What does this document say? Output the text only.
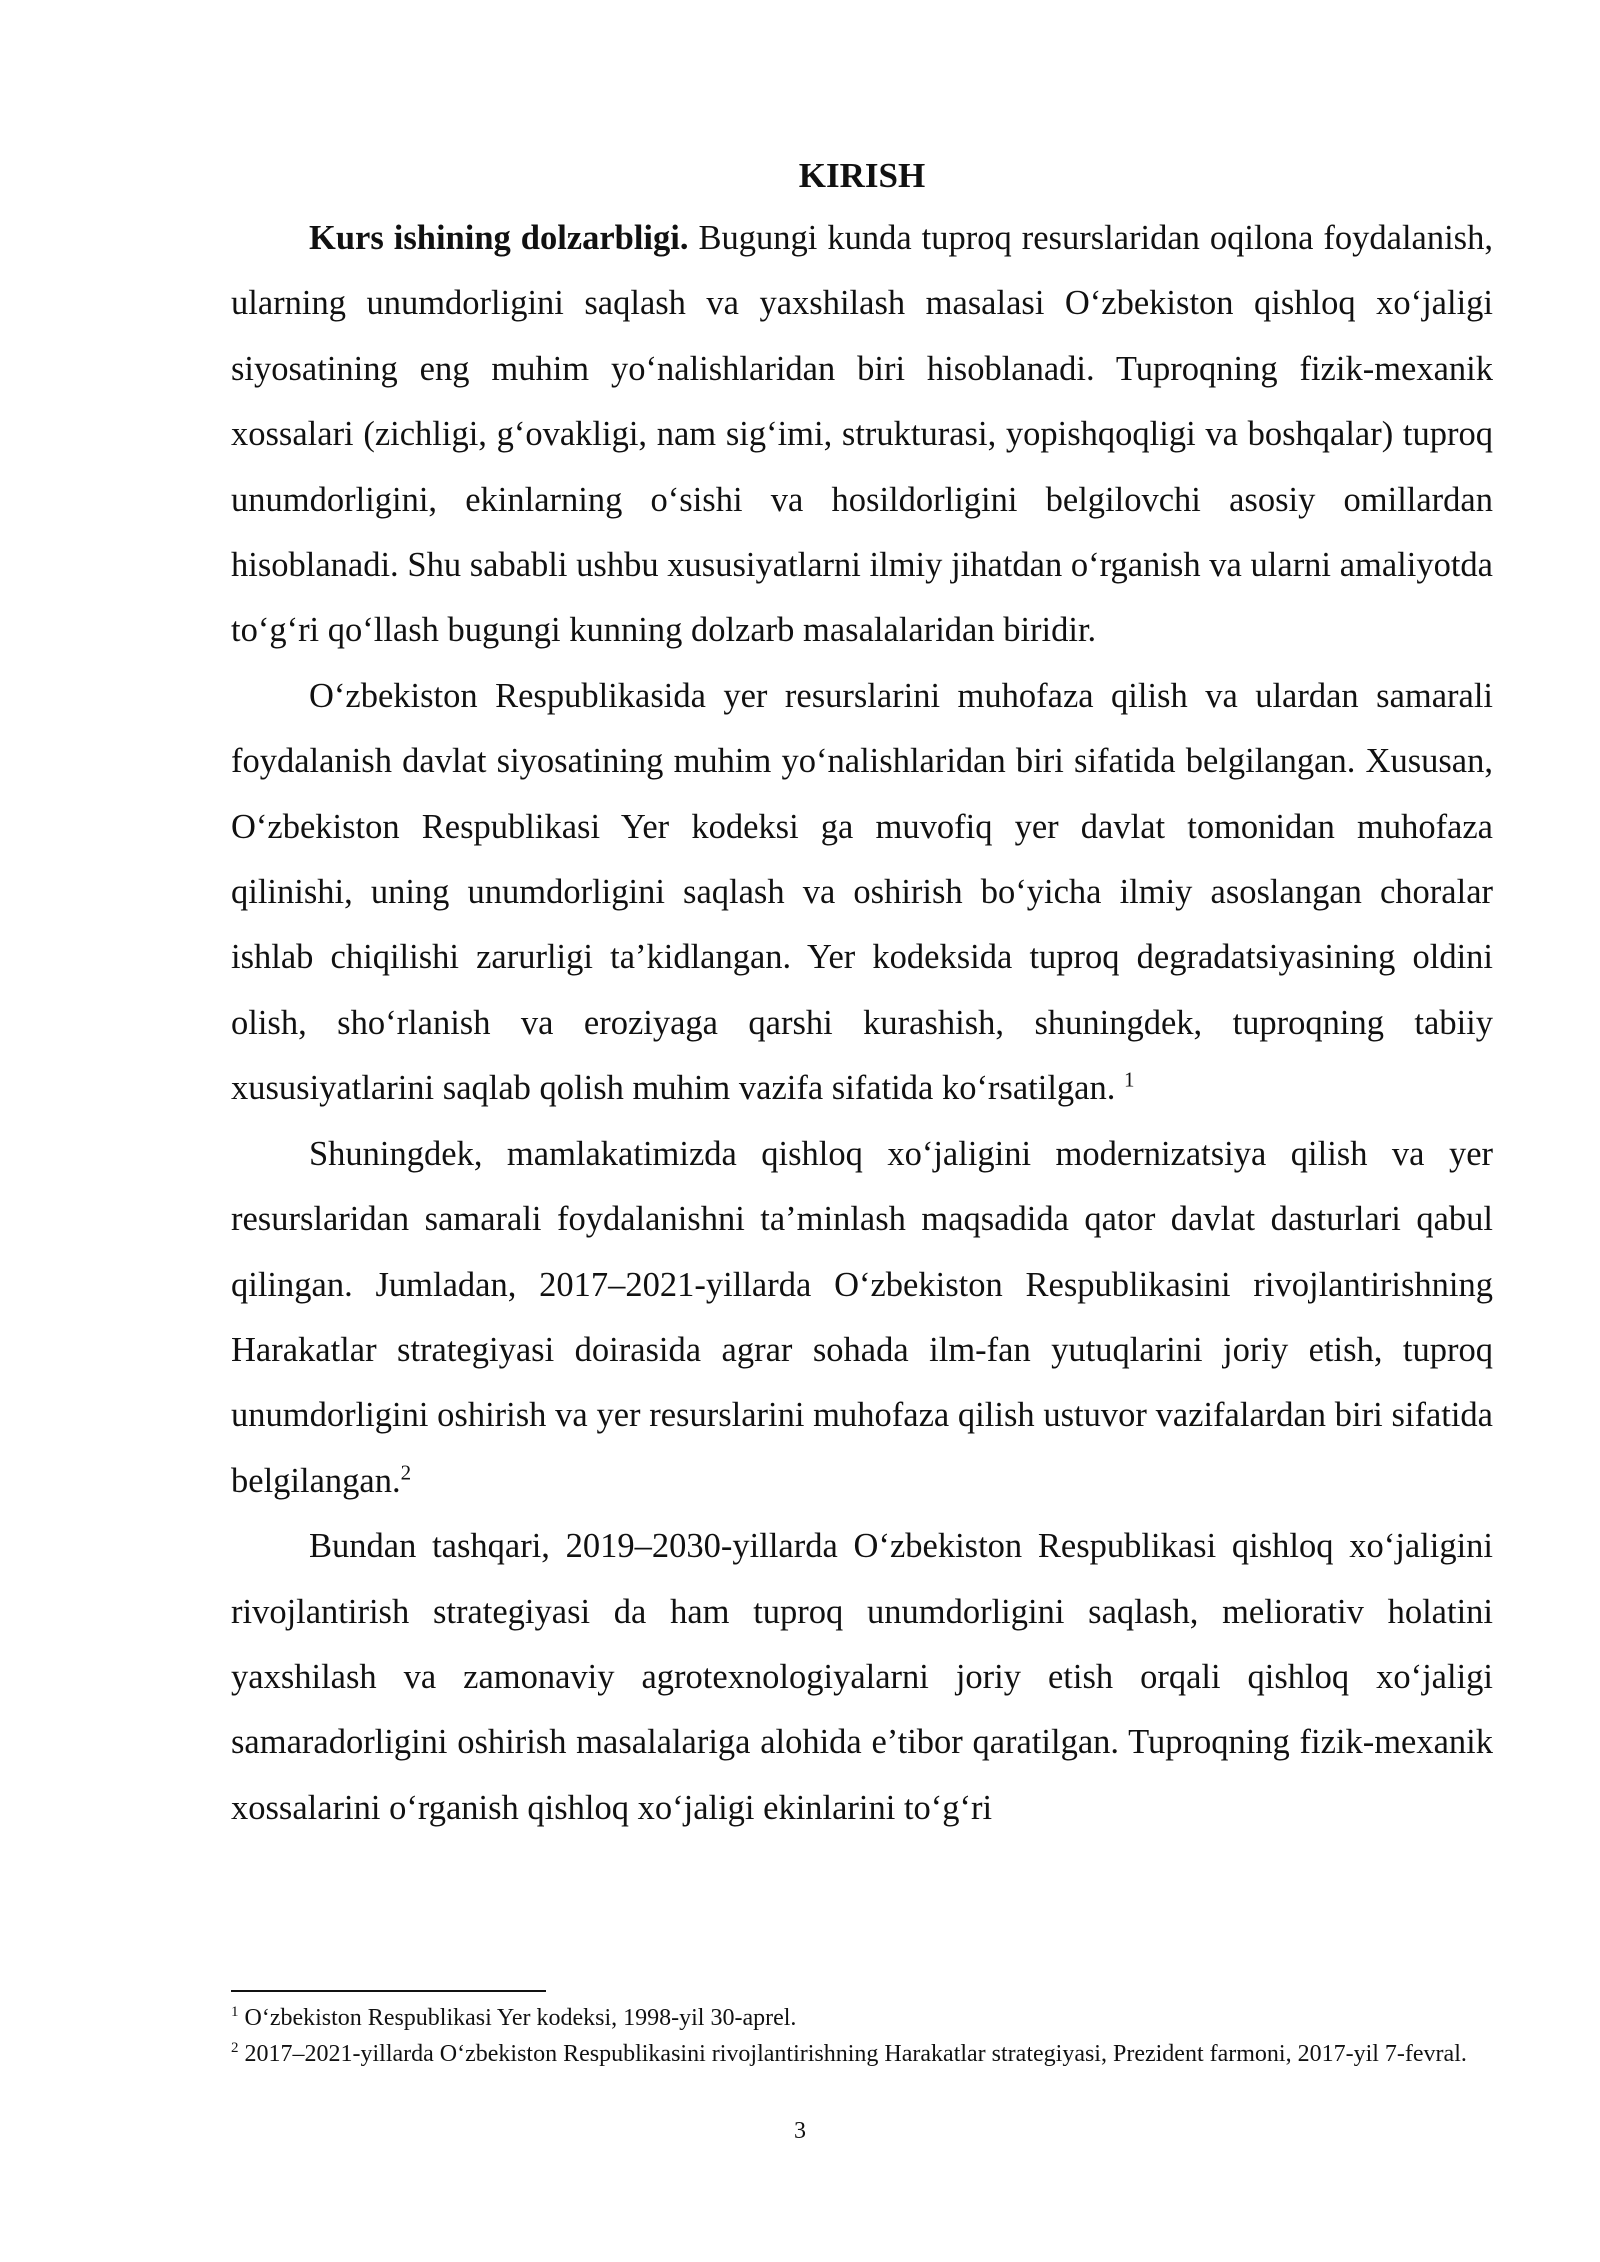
KIRISH

Kurs ishining dolzarbligi. Bugungi kunda tuproq resurslaridan oqilona foydalanish, ularning unumdorligini saqlash va yaxshilash masalasi O‘zbekiston qishloq xo‘jaligi siyosatining eng muhim yo‘nalishlaridan biri hisoblanadi. Tuproqning fizik-mexanik xossalari (zichligi, g‘ovakligi, nam sig‘imi, strukturasi, yopishqoqligi va boshqalar) tuproq unumdorligini, ekinlarning o‘sishi va hosildorligini belgilovchi asosiy omillardan hisoblanadi. Shu sababli ushbu xususiyatlarni ilmiy jihatdan o‘rganish va ularni amaliyotda to‘g‘ri qo‘llash bugungi kunning dolzarb masalalaridan biridir.

O‘zbekiston Respublikasida yer resurslarini muhofaza qilish va ulardan samarali foydalanish davlat siyosatining muhim yo‘nalishlaridan biri sifatida belgilangan. Xususan, O‘zbekiston Respublikasi Yer kodeksi ga muvofiq yer davlat tomonidan muhofaza qilinishi, uning unumdorligini saqlash va oshirish bo‘yicha ilmiy asoslangan choralar ishlab chiqilishi zarurligi ta’kidlangan. Yer kodeksida tuproq degradatsiyasining oldini olish, sho‘rlanish va eroziyaga qarshi kurashish, shuningdek, tuproqning tabiiy xususiyatlarini saqlab qolish muhim vazifa sifatida ko‘rsatilgan. $^1$

Shuningdek, mamlakatimizda qishloq xo‘jaligini modernizatsiya qilish va yer resurslaridan samarali foydalanishni ta’minlash maqsadida qator davlat dasturlari qabul qilingan. Jumladan, 2017–2021-yillarda O‘zbekiston Respublikasini rivojlantirishning Harakatlar strategiyasi doirasida agrar sohada ilm-fan yutuqlarini joriy etish, tuproq unumdorligini oshirish va yer resurslarini muhofaza qilish ustuvor vazifalardan biri sifatida belgilangan.$^2$

Bundan tashqari, 2019–2030-yillarda O‘zbekiston Respublikasi qishloq xo‘jaligini rivojlantirish strategiyasi da ham tuproq unumdorligini saqlash, meliorativ holatini yaxshilash va zamonaviy agrotexnologiyalarni joriy etish orqali qishloq xo‘jaligi samaradorligini oshirish masalalariga alohida e’tibor qaratilgan. Tuproqning fizik-mexanik xossalarini o‘rganish qishloq xo‘jaligi ekinlarini to‘g‘ri

$^1$ O‘zbekiston Respublikasi Yer kodeksi, 1998-yil 30-aprel.

$^2$ 2017–2021-yillarda O‘zbekiston Respublikasini rivojlantirishning Harakatlar strategiyasi, Prezident farmoni, 2017-yil 7-fevral.

3
